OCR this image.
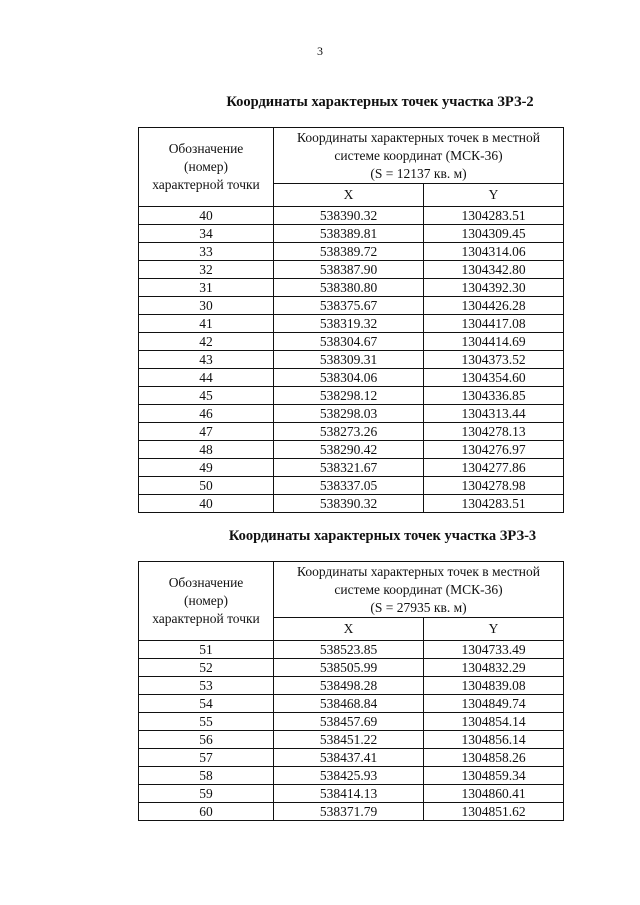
3
Координаты характерных точек участка ЗРЗ-2
Обозначение
(номер)
характерной точки	Координаты характерных точек в местной
системе координат (МСК-36)
(S = 12137 кв. м)	

	X	Y
40	538390.32	1304283.51
34	538389.81	1304309.45
33	538389.72	1304314.06
32	538387.90	1304342.80
31	538380.80	1304392.30
30	538375.67	1304426.28
41	538319.32	1304417.08
42	538304.67	1304414.69
43	538309.31	1304373.52
44	538304.06	1304354.60
45	538298.12	1304336.85
46	538298.03	1304313.44
47	538273.26	1304278.13
48	538290.42	1304276.97
49	538321.67	1304277.86
50	538337.05	1304278.98
40	538390.32	1304283.51
Координаты характерных точек участка ЗРЗ-3
Обозначение
(номер)
характерной точки	Координаты характерных точек в местной
системе координат (МСК-36)
(S = 27935 кв. м)	

	X	Y
51	538523.85	1304733.49
52	538505.99	1304832.29
53	538498.28	1304839.08
54	538468.84	1304849.74
55	538457.69	1304854.14
56	538451.22	1304856.14
57	538437.41	1304858.26
58	538425.93	1304859.34
59	538414.13	1304860.41
60	538371.79	1304851.62
